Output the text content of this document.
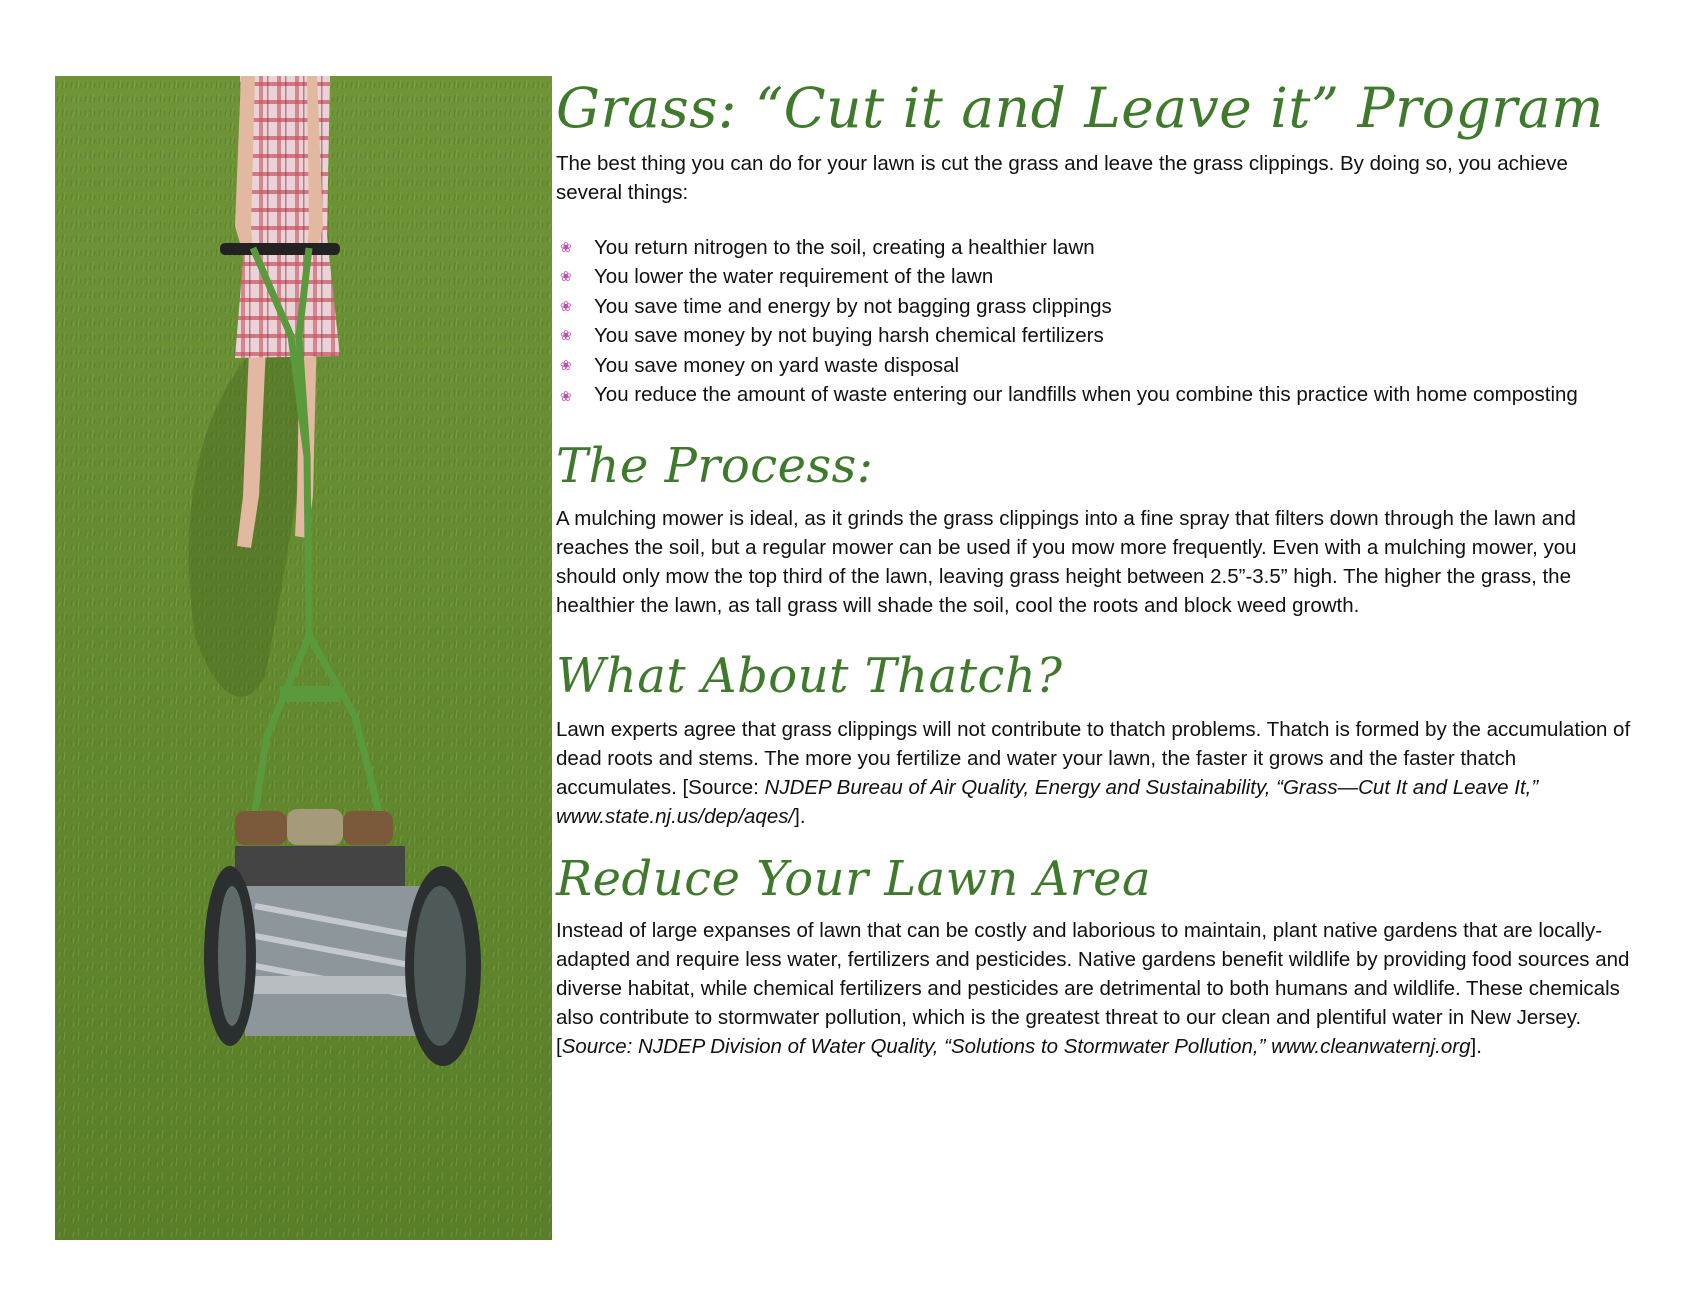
Grass: “Cut it and Leave it” Program

The best thing you can do for your lawn is cut the grass and leave the grass clippings. By doing so, you achieve several things:

❀ You return nitrogen to the soil, creating a healthier lawn
❀ You lower the water requirement of the lawn
❀ You save time and energy by not bagging grass clippings
❀ You save money by not buying harsh chemical fertilizers
❀ You save money on yard waste disposal
❀ You reduce the amount of waste entering our landfills when you combine this practice with home composting
The Process:

A mulching mower is ideal, as it grinds the grass clippings into a fine spray that filters down through the lawn and reaches the soil, but a regular mower can be used if you mow more frequently. Even with a mulching mower, you should only mow the top third of the lawn, leaving grass height between 2.5”-3.5” high. The higher the grass, the healthier the lawn, as tall grass will shade the soil, cool the roots and block weed growth.

What About Thatch?

Lawn experts agree that grass clippings will not contribute to thatch problems. Thatch is formed by the accumulation of dead roots and stems. The more you fertilize and water your lawn, the faster it grows and the faster thatch accumulates. [Source: NJDEP Bureau of Air Quality, Energy and Sustainability, “Grass—Cut It and Leave It,” www.state.nj.us/dep/aqes/].

Reduce Your Lawn Area

Instead of large expanses of lawn that can be costly and laborious to maintain, plant native gardens that are locally-adapted and require less water, fertilizers and pesticides. Native gardens benefit wildlife by providing food sources and diverse habitat, while chemical fertilizers and pesticides are detrimental to both humans and wildlife. These chemicals also contribute to stormwater pollution, which is the greatest threat to our clean and plentiful water in New Jersey. [Source: NJDEP Division of Water Quality, “Solutions to Stormwater Pollution,” www.cleanwaternj.org].
